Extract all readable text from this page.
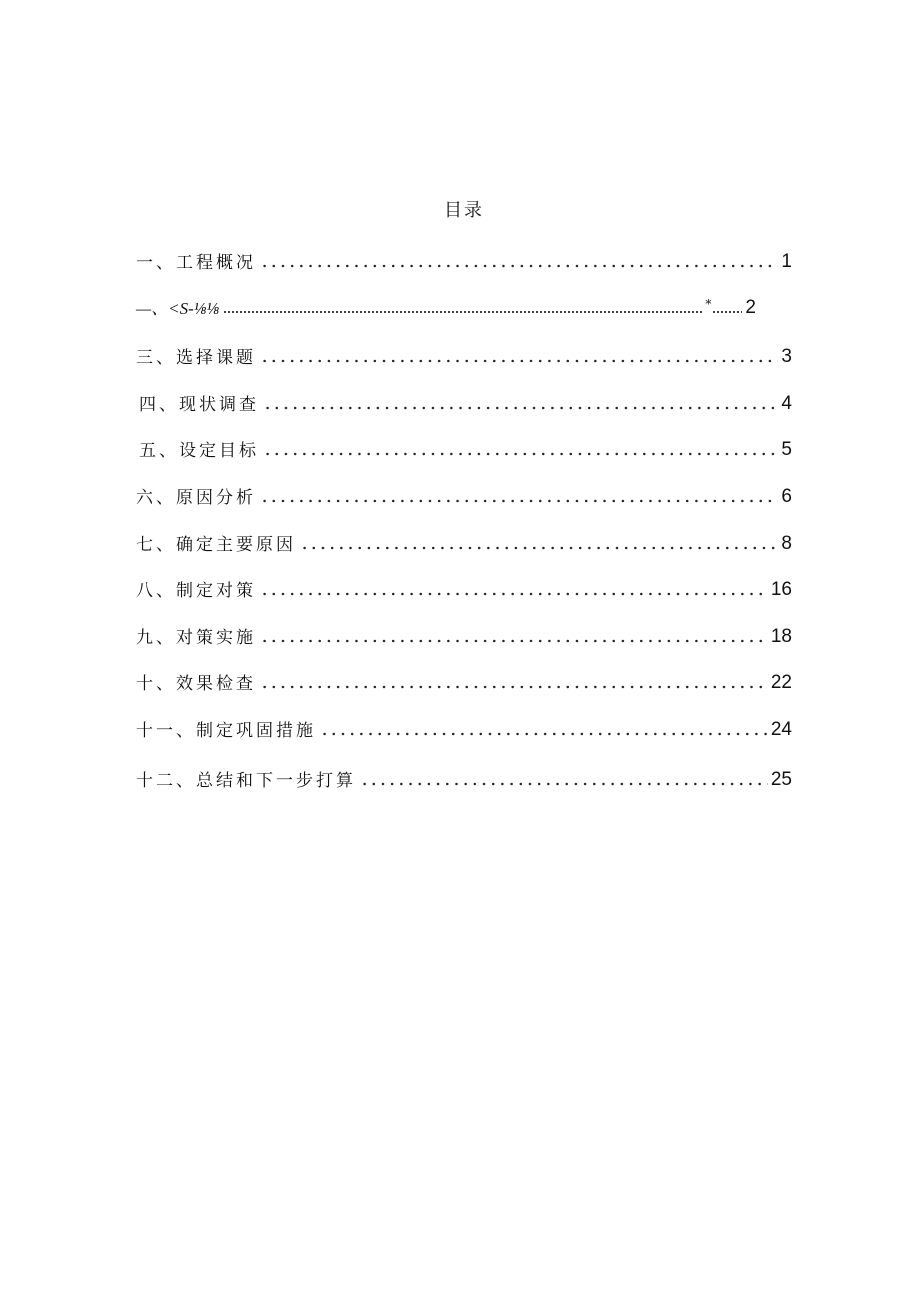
目录
一、工程概况	1
—、<S-⅛⅛	* 2
三、选择课题	3
四、现状调查	4
五、设定目标	5
六、原因分析	6
七、确定主要原因	8
八、制定对策	16
九、对策实施	18
十、效果检查	22
十一、制定巩固措施	24
十二、总结和下一步打算	25
